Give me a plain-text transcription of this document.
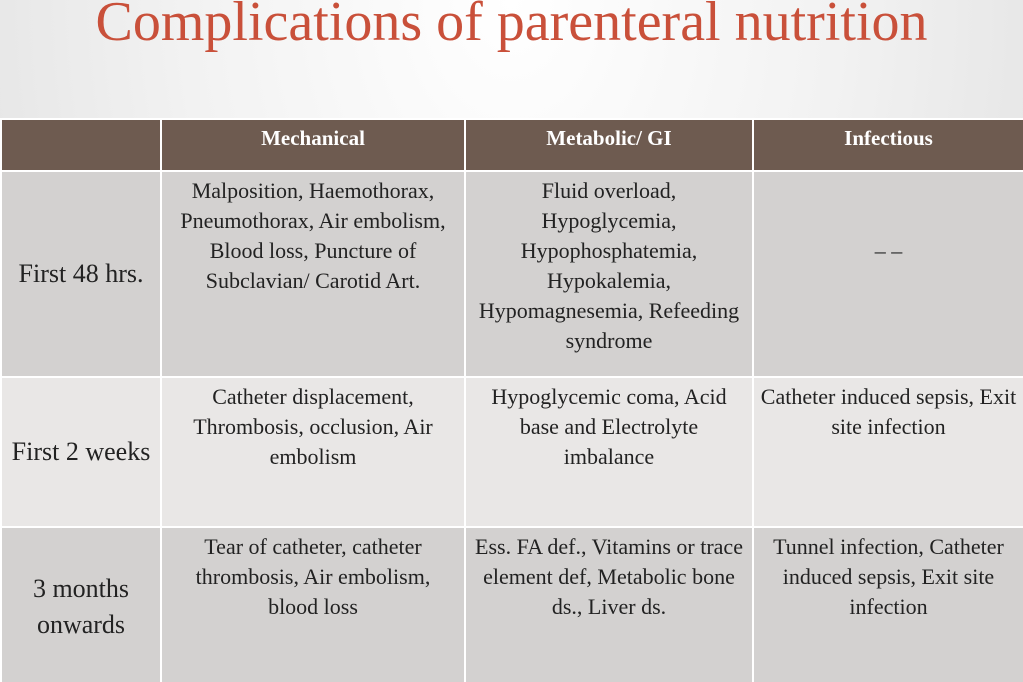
Complications of parenteral nutrition
	Mechanical	Metabolic/ GI	Infectious
First 48 hrs.	Malposition, Haemothorax, Pneumothorax, Air embolism, Blood loss, Puncture of Subclavian/ Carotid Art.	Fluid overload, Hypoglycemia, Hypophosphatemia, Hypokalemia, Hypomagnesemia, Refeeding syndrome	– –
First 2 weeks	Catheter displacement, Thrombosis, occlusion, Air embolism	Hypoglycemic coma, Acid base and Electrolyte imbalance	Catheter induced sepsis, Exit site infection
3 months onwards	Tear of catheter, catheter thrombosis, Air embolism, blood loss	Ess. FA def., Vitamins or trace element def, Metabolic bone ds., Liver ds.	Tunnel infection, Catheter induced sepsis, Exit site infection
